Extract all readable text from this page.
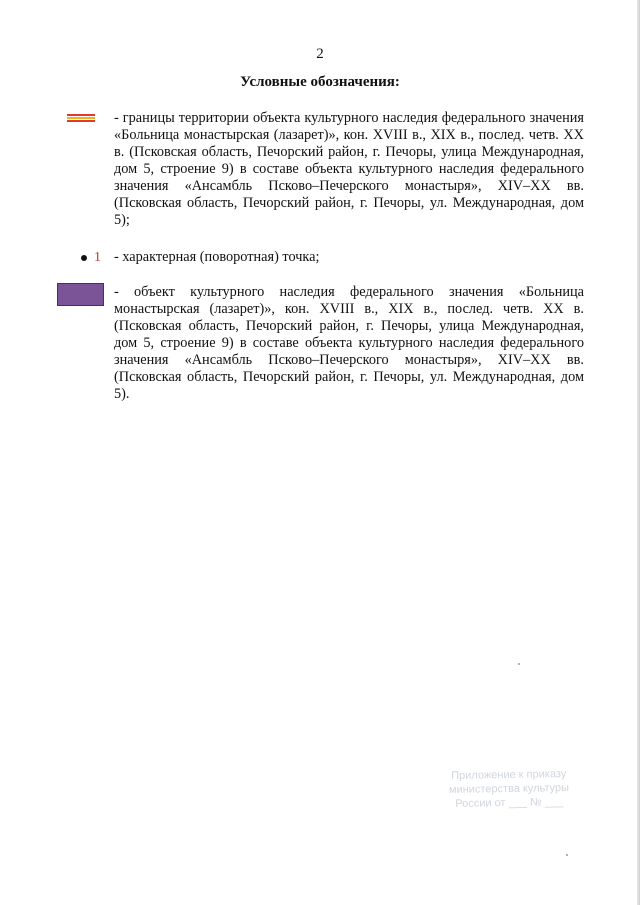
2
Условные обозначения:
- границы территории объекта культурного наследия федерального значения «Больница монастырская (лазарет)», кон. XVIII в., XIX в., послед. четв. XX в. (Псковская область, Печорский район, г. Печоры, улица Международная, дом 5, строение 9) в составе объекта культурного наследия федерального значения «Ансамбль Псково–Печерского монастыря», XIV–XX вв. (Псковская область, Печорский район, г. Печоры, ул. Международная, дом 5);
1 - характерная (поворотная) точка;
- объект культурного наследия федерального значения «Больница монастырская (лазарет)», кон. XVIII в., XIX в., послед. четв. XX в. (Псковская область, Печорский район, г. Печоры, улица Международная, дом 5, строение 9) в составе объекта культурного наследия федерального значения «Ансамбль Псково–Печерского монастыря», XIV–XX вв. (Псковская область, Печорский район, г. Печоры, ул. Международная, дом 5).
Приложение к приказу
министерства культуры
России от ___ № ___
